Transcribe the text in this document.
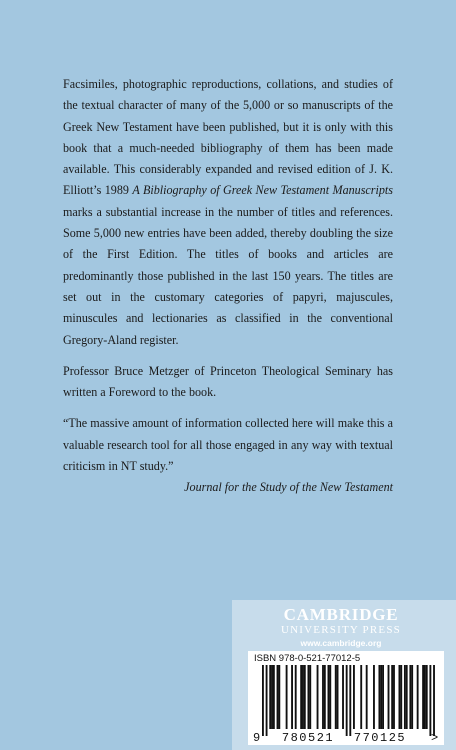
Facsimiles, photographic reproductions, collations, and studies of the textual character of many of the 5,000 or so manuscripts of the Greek New Testament have been published, but it is only with this book that a much-needed bibliography of them has been made available. This considerably expanded and revised edition of J. K. Elliott’s 1989 A Bibliography of Greek New Testament Manuscripts marks a substantial increase in the number of titles and references. Some 5,000 new entries have been added, thereby doubling the size of the First Edition. The titles of books and articles are predominantly those published in the last 150 years. The titles are set out in the customary categories of papyri, majuscules, minuscules and lectionaries as classified in the conventional Gregory-Aland register.

Professor Bruce Metzger of Princeton Theological Seminary has written a Foreword to the book.

“The massive amount of information collected here will make this a valuable research tool for all those engaged in any way with textual criticism in NT study.”
Journal for the Study of the New Testament

CAMBRIDGE
UNIVERSITY PRESS
www.cambridge.org
ISBN 978-0-521-77012-5
9 780521 770125 >
